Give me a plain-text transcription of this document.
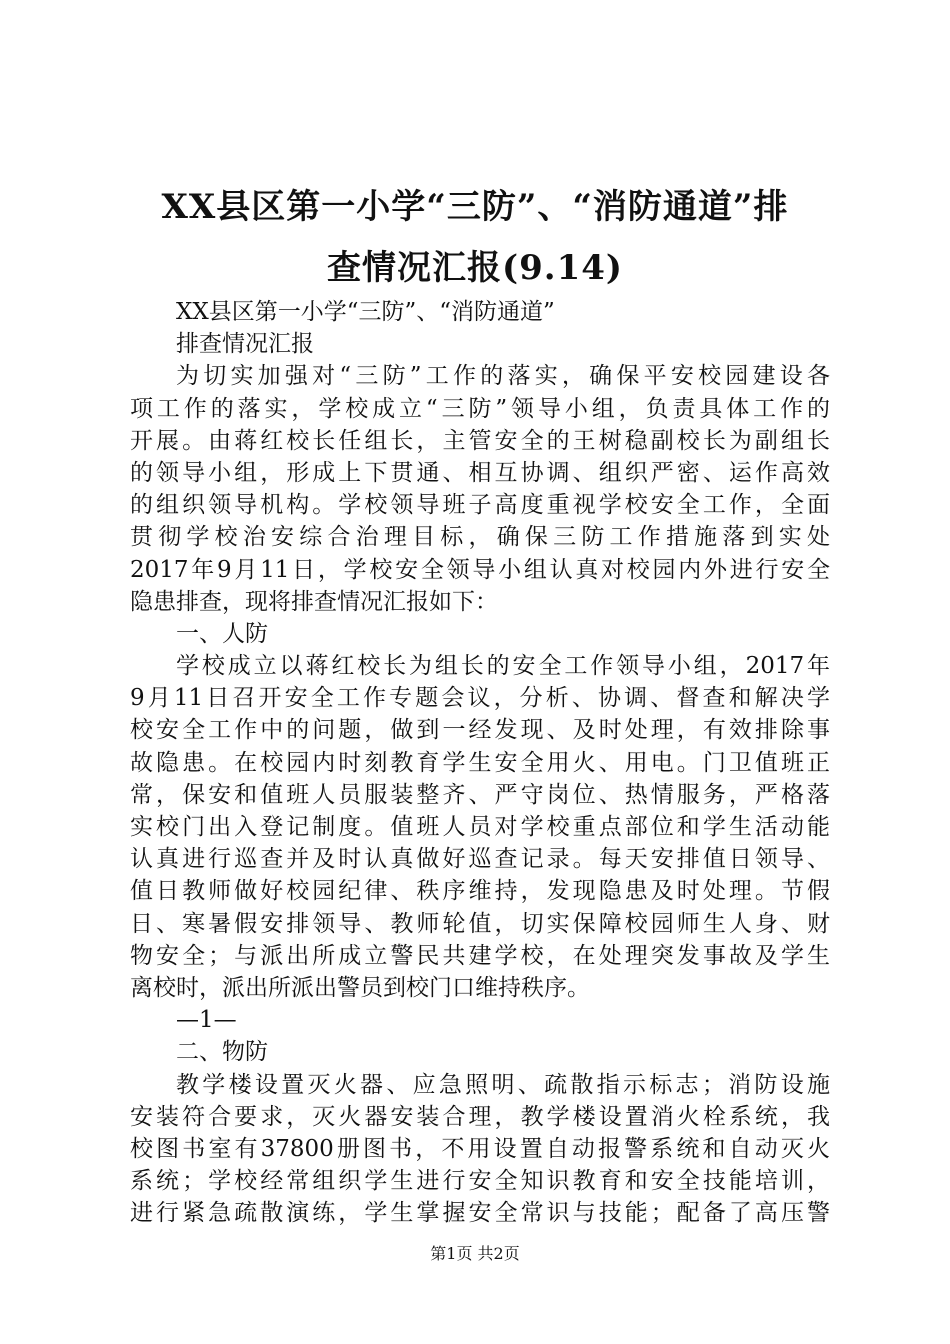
XX县区第一小学“三防”、“消防通道”排
查情况汇报(9.14)
XX县区第一小学“三防”、“消防通道”
排查情况汇报
为切实加强对“三防”工作的落实，确保平安校园建设各
项工作的落实，学校成立“三防”领导小组，负责具体工作的
开展。由蒋红校长任组长，主管安全的王树稳副校长为副组长
的领导小组，形成上下贯通、相互协调、组织严密、运作高效
的组织领导机构。学校领导班子高度重视学校安全工作，全面
贯彻学校治安综合治理目标，确保三防工作措施落到实处
2017年9月11日，学校安全领导小组认真对校园内外进行安全
隐患排查，现将排查情况汇报如下：
一、人防
学校成立以蒋红校长为组长的安全工作领导小组，2017年
9月11日召开安全工作专题会议，分析、协调、督查和解决学
校安全工作中的问题，做到一经发现、及时处理，有效排除事
故隐患。在校园内时刻教育学生安全用火、用电。门卫值班正
常，保安和值班人员服装整齐、严守岗位、热情服务，严格落
实校门出入登记制度。值班人员对学校重点部位和学生活动能
认真进行巡查并及时认真做好巡查记录。每天安排值日领导、
值日教师做好校园纪律、秩序维持，发现隐患及时处理。节假
日、寒暑假安排领导、教师轮值，切实保障校园师生人身、财
物安全；与派出所成立警民共建学校，在处理突发事故及学生
离校时，派出所派出警员到校门口维持秩序。
—1—
二、物防
教学楼设置灭火器、应急照明、疏散指示标志；消防设施
安装符合要求，灭火器安装合理，教学楼设置消火栓系统，我
校图书室有37800册图书，不用设置自动报警系统和自动灭火
系统；学校经常组织学生进行安全知识教育和安全技能培训，
进行紧急疏散演练，学生掌握安全常识与技能；配备了高压警
第1页 共2页
